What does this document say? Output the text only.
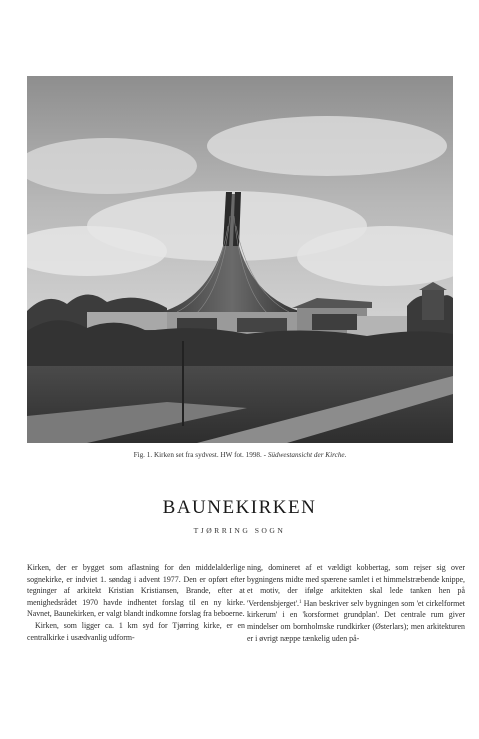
Fig. 1. Kirken set fra sydvest. HW fot. 1998. - Südwestansicht der Kirche.
BAUNEKIRKEN
TJØRRING SOGN

Kirken, der er bygget som aflastning for den middelalderlige sognekirke, er indviet 1. søndag i advent 1977. Den er opført efter tegninger af arkitekt Kristian Kristiansen, Brande, efter at menighedsrådet 1970 havde indhentet forslag til en ny kirke. Navnet, Baunekirken, er valgt blandt indkomne forslag fra beboerne.

Kirken, som ligger ca. 1 km syd for Tjørring kirke, er en centralkirke i usædvanlig udform-

ning, domineret af et vældigt kobbertag, som rejser sig over bygningens midte med spærene samlet i et himmelstræbende knippe, et motiv, der ifølge arkitekten skal lede tanken hen på 'Verdensbjerget'.$^1$ Han beskriver selv bygningen som 'et cirkelformet kirkerum' i en 'korsformet grundplan'. Det centrale rum giver mindelser om bornholmske rundkirker (Østerlars); men arkitekturen er i øvrigt næppe tænkelig uden på-
